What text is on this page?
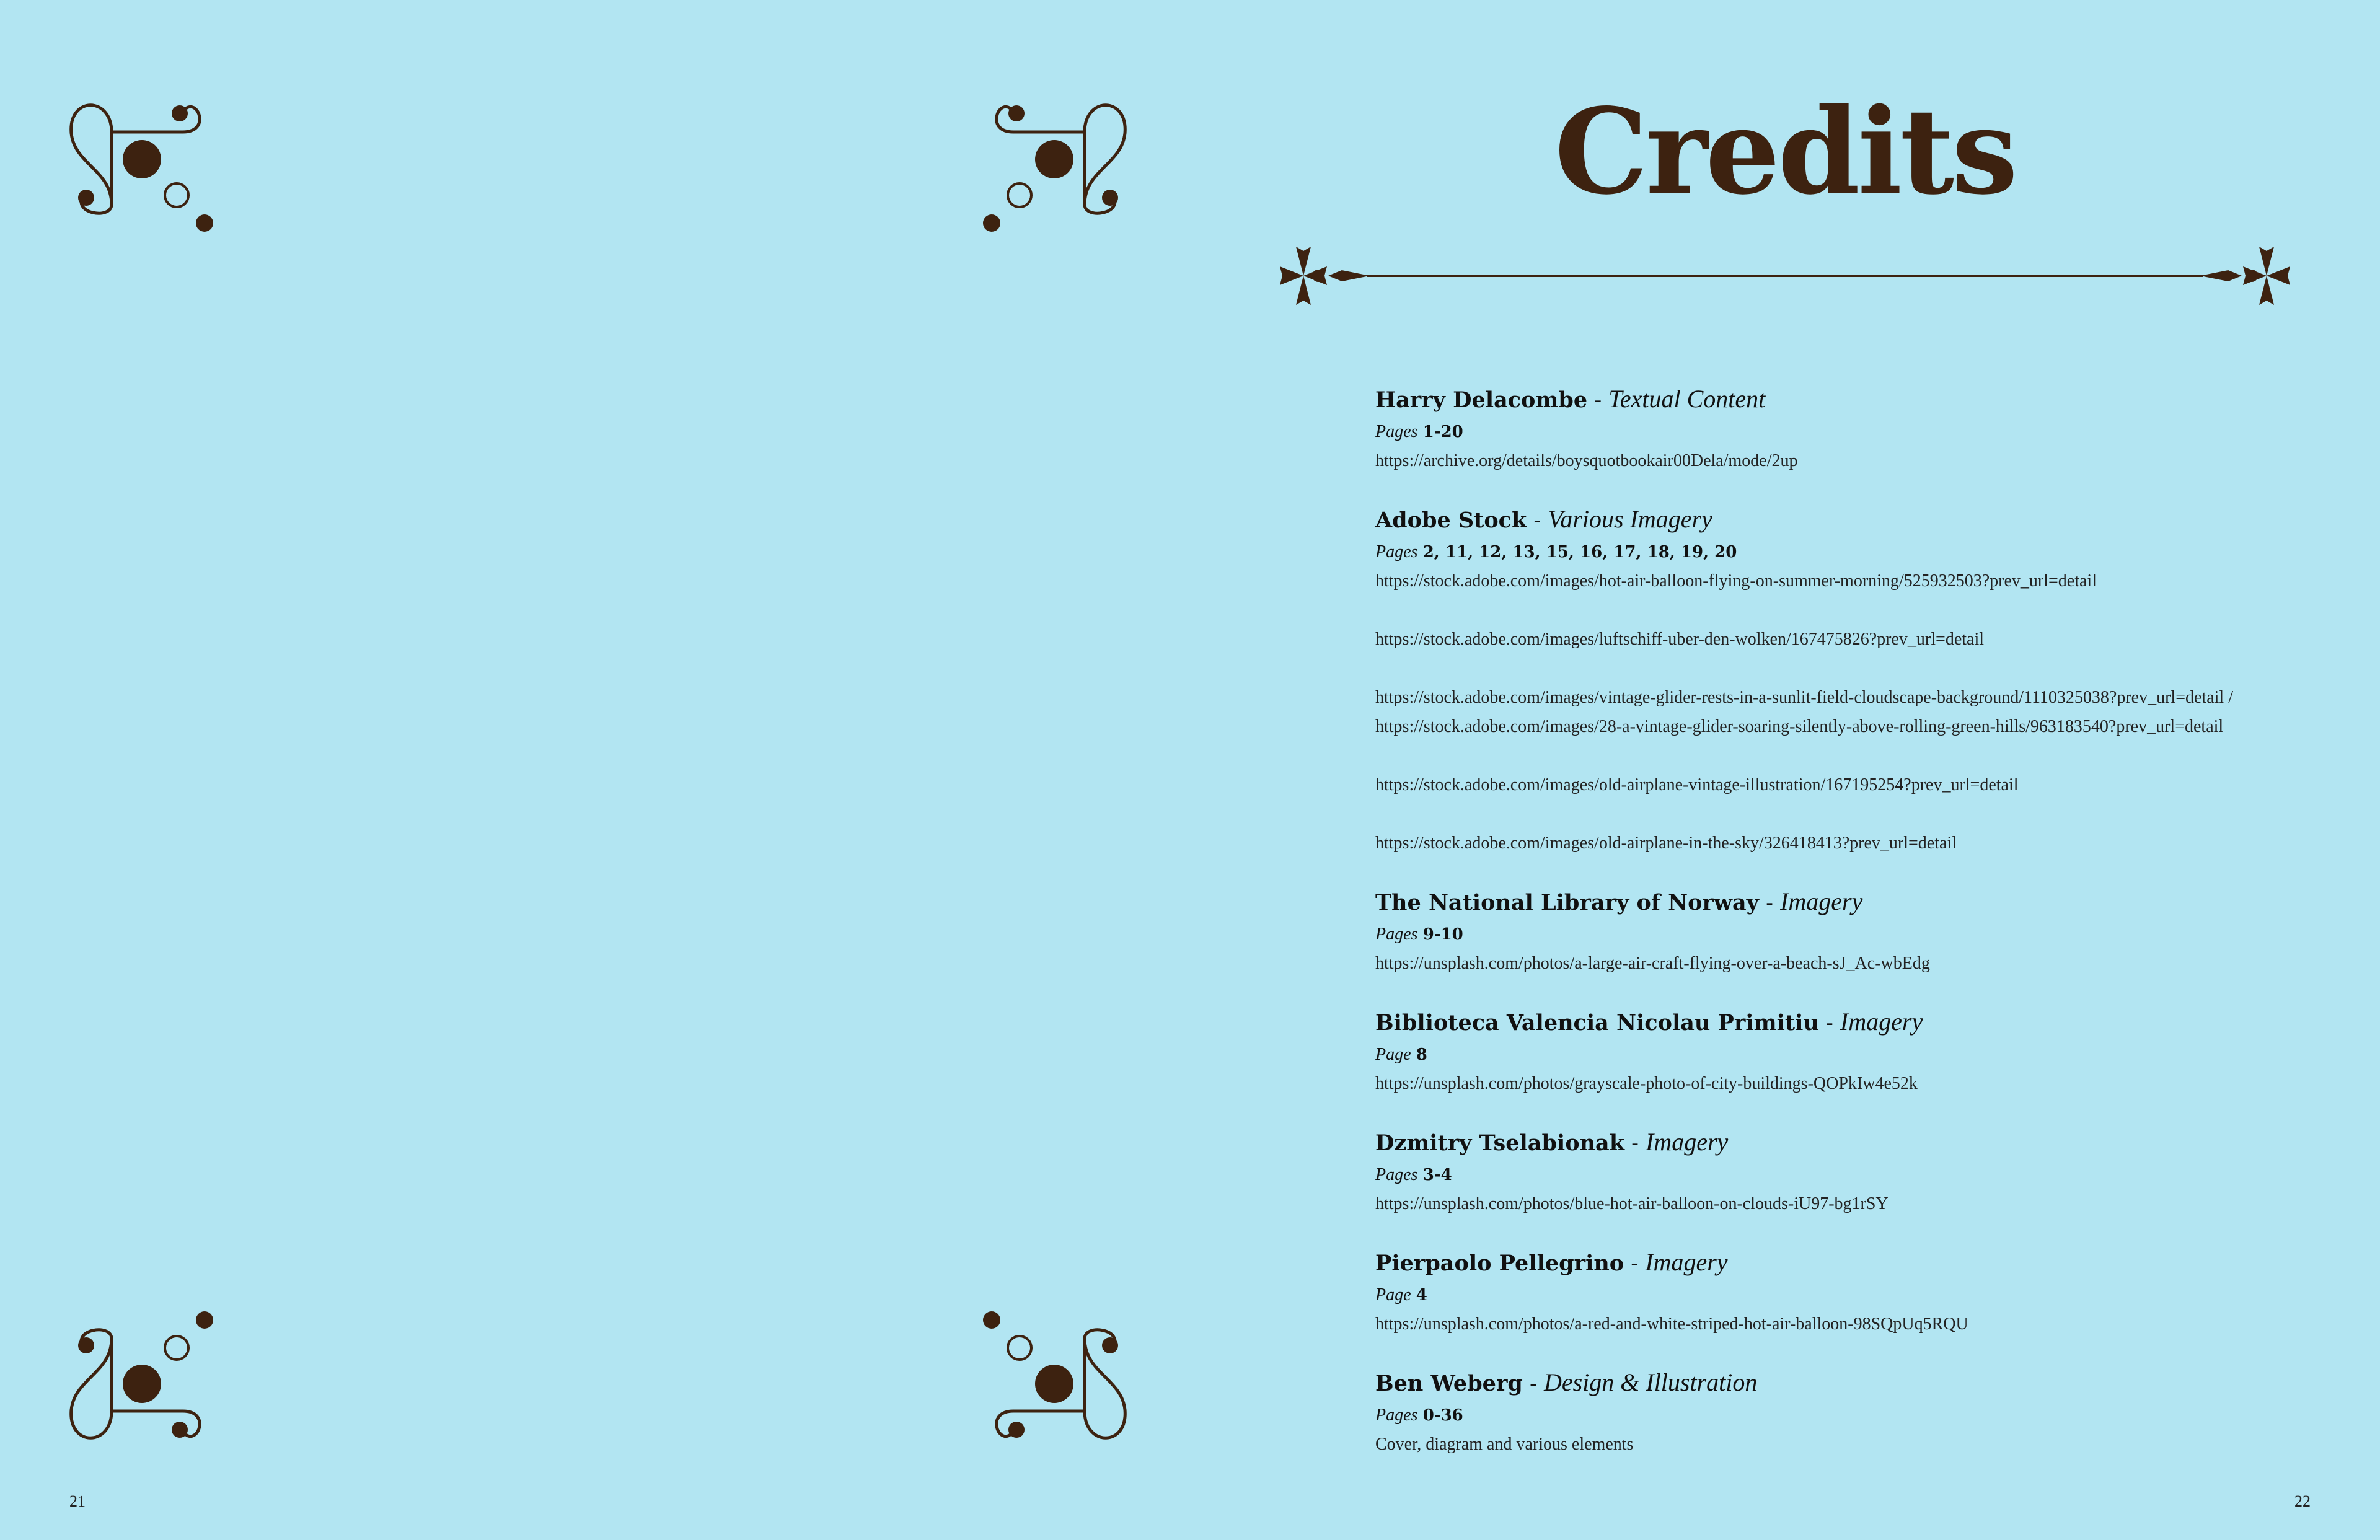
Credits
Harry Delacombe - Textual Content
Pages 1-20
https://archive.org/details/boysquotbookair00Dela/mode/2up
Adobe Stock - Various Imagery
Pages 2, 11, 12, 13, 15, 16, 17, 18, 19, 20
https://stock.adobe.com/images/hot-air-balloon-flying-on-summer-morning/525932503?prev_url=detail
https://stock.adobe.com/images/luftschiff-uber-den-wolken/167475826?prev_url=detail
https://stock.adobe.com/images/vintage-glider-rests-in-a-sunlit-field-cloudscape-background/1110325038?prev_url=detail / https://stock.adobe.com/images/28-a-vintage-glider-soaring-silently-above-rolling-green-hills/963183540?prev_url=detail
https://stock.adobe.com/images/old-airplane-vintage-illustration/167195254?prev_url=detail
https://stock.adobe.com/images/old-airplane-in-the-sky/326418413?prev_url=detail
The National Library of Norway - Imagery
Pages 9-10
https://unsplash.com/photos/a-large-air-craft-flying-over-a-beach-sJ_Ac-wbEdg
Biblioteca Valencia Nicolau Primitiu - Imagery
Page 8
https://unsplash.com/photos/grayscale-photo-of-city-buildings-QOPkIw4e52k
Dzmitry Tselabionak - Imagery
Pages 3-4
https://unsplash.com/photos/blue-hot-air-balloon-on-clouds-iU97-bg1rSY
Pierpaolo Pellegrino - Imagery
Page 4
https://unsplash.com/photos/a-red-and-white-striped-hot-air-balloon-98SQpUq5RQU
Ben Weberg - Design & Illustration
Pages 0-36
Cover, diagram and various elements
21	22
